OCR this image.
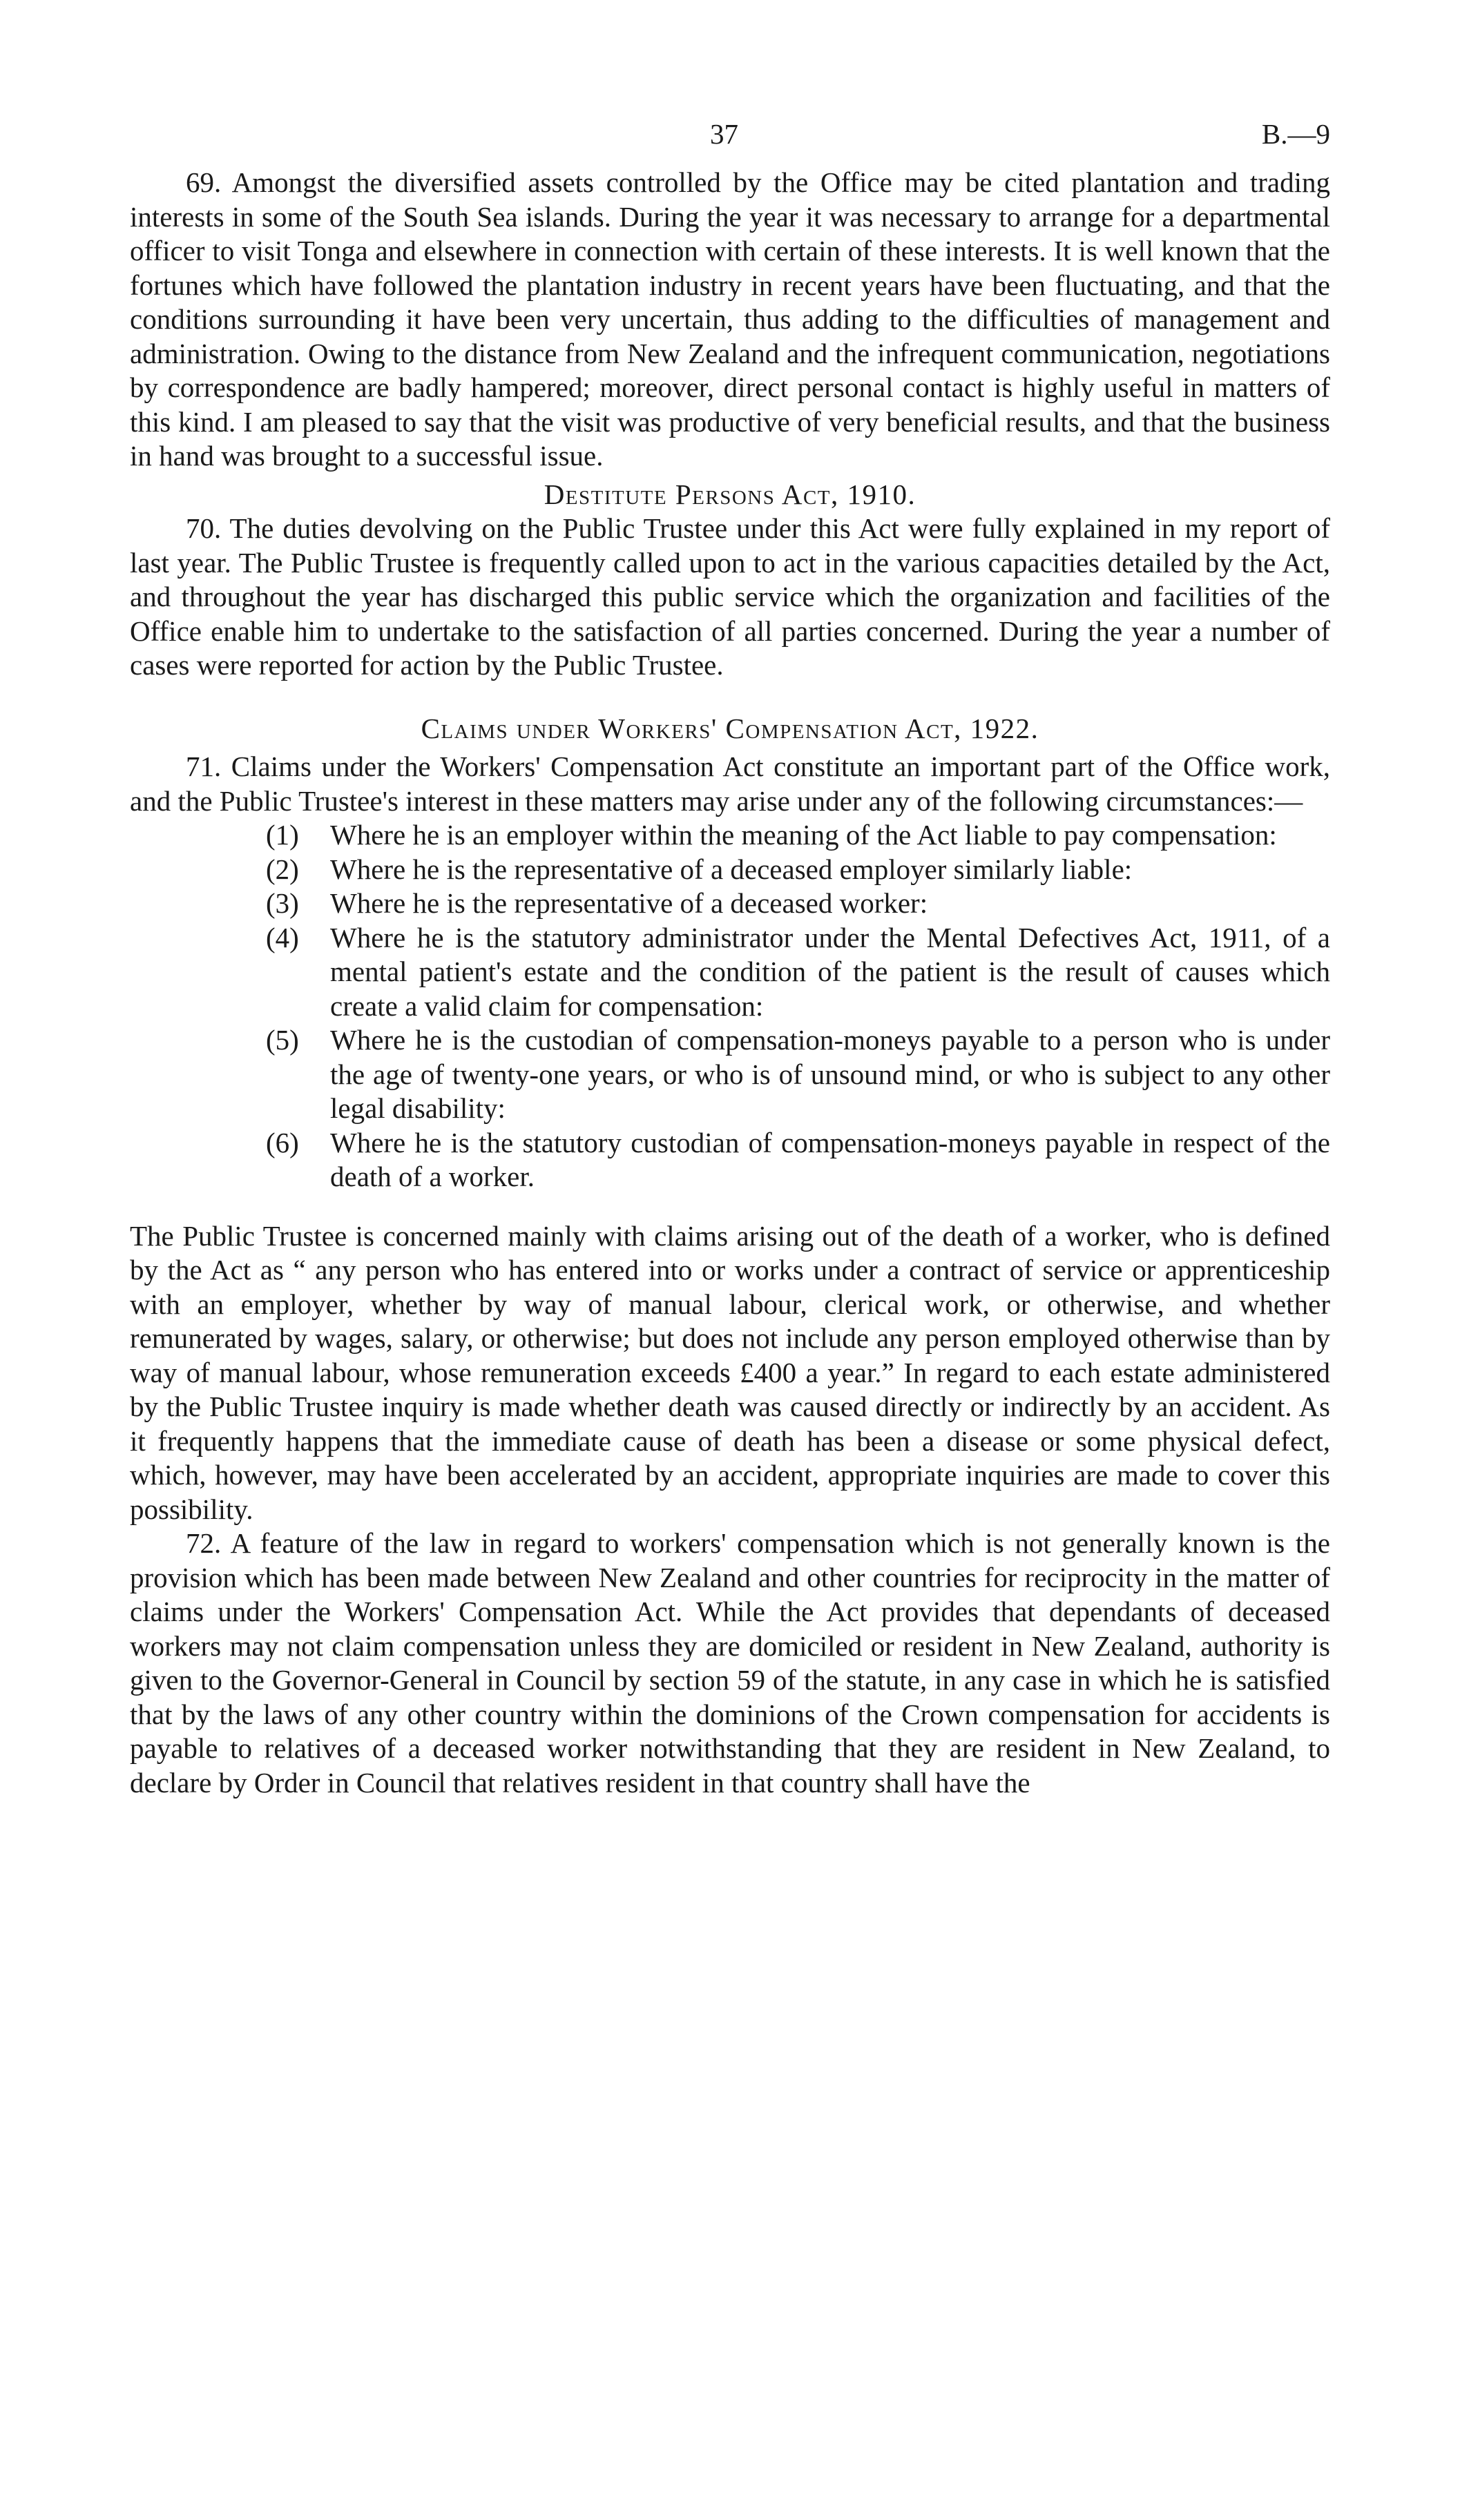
37	B.—9

69. Amongst the diversified assets controlled by the Office may be cited plantation and trading interests in some of the South Sea islands. During the year it was necessary to arrange for a departmental officer to visit Tonga and elsewhere in connection with certain of these interests. It is well known that the fortunes which have followed the plantation industry in recent years have been fluctuating, and that the conditions surrounding it have been very uncertain, thus adding to the difficulties of management and administration. Owing to the distance from New Zealand and the infrequent communication, negotiations by correspondence are badly hampered; moreover, direct personal contact is highly useful in matters of this kind. I am pleased to say that the visit was productive of very beneficial results, and that the business in hand was brought to a successful issue.

Destitute Persons Act, 1910.

70. The duties devolving on the Public Trustee under this Act were fully explained in my report of last year. The Public Trustee is frequently called upon to act in the various capacities detailed by the Act, and throughout the year has discharged this public service which the organization and facilities of the Office enable him to undertake to the satisfaction of all parties concerned. During the year a number of cases were reported for action by the Public Trustee.

Claims under Workers' Compensation Act, 1922.

71. Claims under the Workers' Compensation Act constitute an important part of the Office work, and the Public Trustee's interest in these matters may arise under any of the following circumstances:—

(1) Where he is an employer within the meaning of the Act liable to pay compensation:
(2) Where he is the representative of a deceased employer similarly liable:
(3) Where he is the representative of a deceased worker:
(4) Where he is the statutory administrator under the Mental Defectives Act, 1911, of a mental patient's estate and the condition of the patient is the result of causes which create a valid claim for compensation:
(5) Where he is the custodian of compensation-moneys payable to a person who is under the age of twenty-one years, or who is of unsound mind, or who is subject to any other legal disability:
(6) Where he is the statutory custodian of compensation-moneys payable in respect of the death of a worker.

The Public Trustee is concerned mainly with claims arising out of the death of a worker, who is defined by the Act as “ any person who has entered into or works under a contract of service or apprenticeship with an employer, whether by way of manual labour, clerical work, or otherwise, and whether remunerated by wages, salary, or otherwise; but does not include any person employed otherwise than by way of manual labour, whose remuneration exceeds £400 a year.” In regard to each estate administered by the Public Trustee inquiry is made whether death was caused directly or indirectly by an accident. As it frequently happens that the immediate cause of death has been a disease or some physical defect, which, however, may have been accelerated by an accident, appropriate inquiries are made to cover this possibility.

72. A feature of the law in regard to workers' compensation which is not generally known is the provision which has been made between New Zealand and other countries for reciprocity in the matter of claims under the Workers' Compensation Act. While the Act provides that dependants of deceased workers may not claim compensation unless they are domiciled or resident in New Zealand, authority is given to the Governor-General in Council by section 59 of the statute, in any case in which he is satisfied that by the laws of any other country within the dominions of the Crown compensation for accidents is payable to relatives of a deceased worker notwithstanding that they are resident in New Zealand, to declare by Order in Council that relatives resident in that country shall have the
